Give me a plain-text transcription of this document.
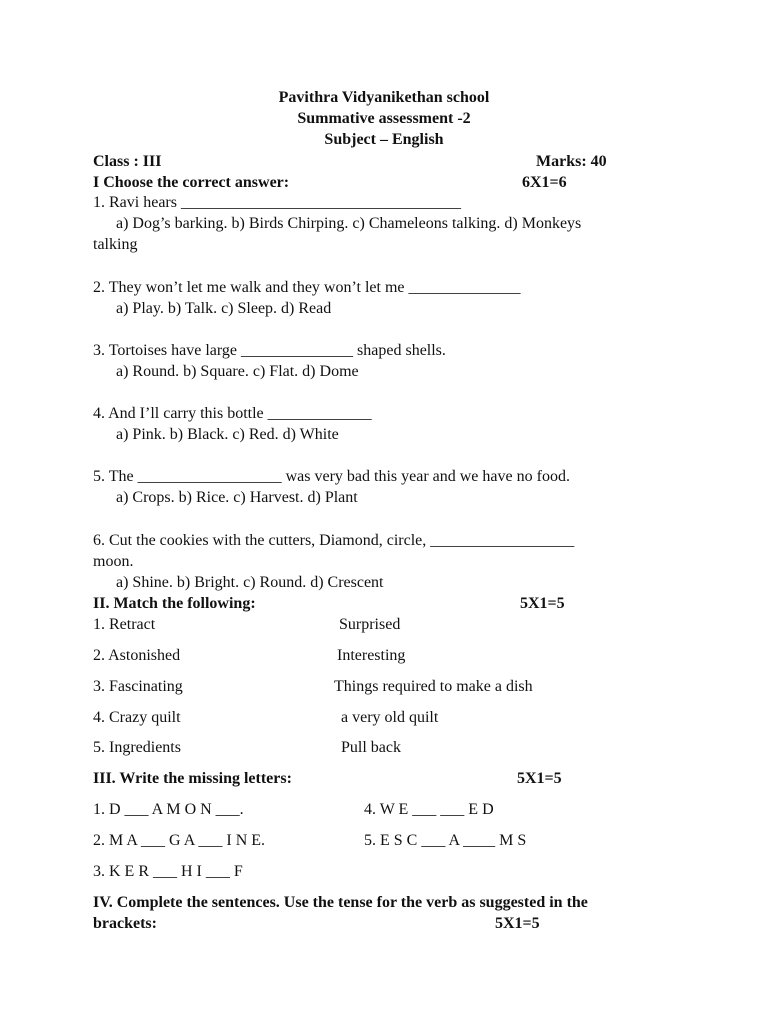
Pavithra Vidyanikethan school
Summative assessment -2
Subject – English
Class : III	Marks: 40
I Choose the correct answer:	6X1=6
1. Ravi hears ___________________________________
a) Dog’s barking. b) Birds Chirping. c) Chameleons talking. d) Monkeys
talking
2. They won’t let me walk and they won’t let me ______________
a) Play. b) Talk. c) Sleep. d) Read
3. Tortoises have large ______________ shaped shells.
a) Round. b) Square. c) Flat. d) Dome
4. And I’ll carry this bottle _____________
a) Pink. b) Black. c) Red. d) White
5. The __________________ was very bad this year and we have no food.
a) Crops. b) Rice. c) Harvest. d) Plant
6. Cut the cookies with the cutters, Diamond, circle, __________________
moon.
a) Shine. b) Bright. c) Round. d) Crescent
II. Match the following:	5X1=5
1. Retract	Surprised
2. Astonished	Interesting
3. Fascinating	Things required to make a dish
4. Crazy quilt	a very old quilt
5. Ingredients	Pull back
III. Write the missing letters:	5X1=5
1. D ___ A M O N ___.	4. W E ___ ___ E D
2. M A ___ G A ___ I N E.	5. E S C ___ A ____ M S
3. K E R ___ H I ___ F
IV. Complete the sentences. Use the tense for the verb as suggested in the
brackets:	5X1=5
